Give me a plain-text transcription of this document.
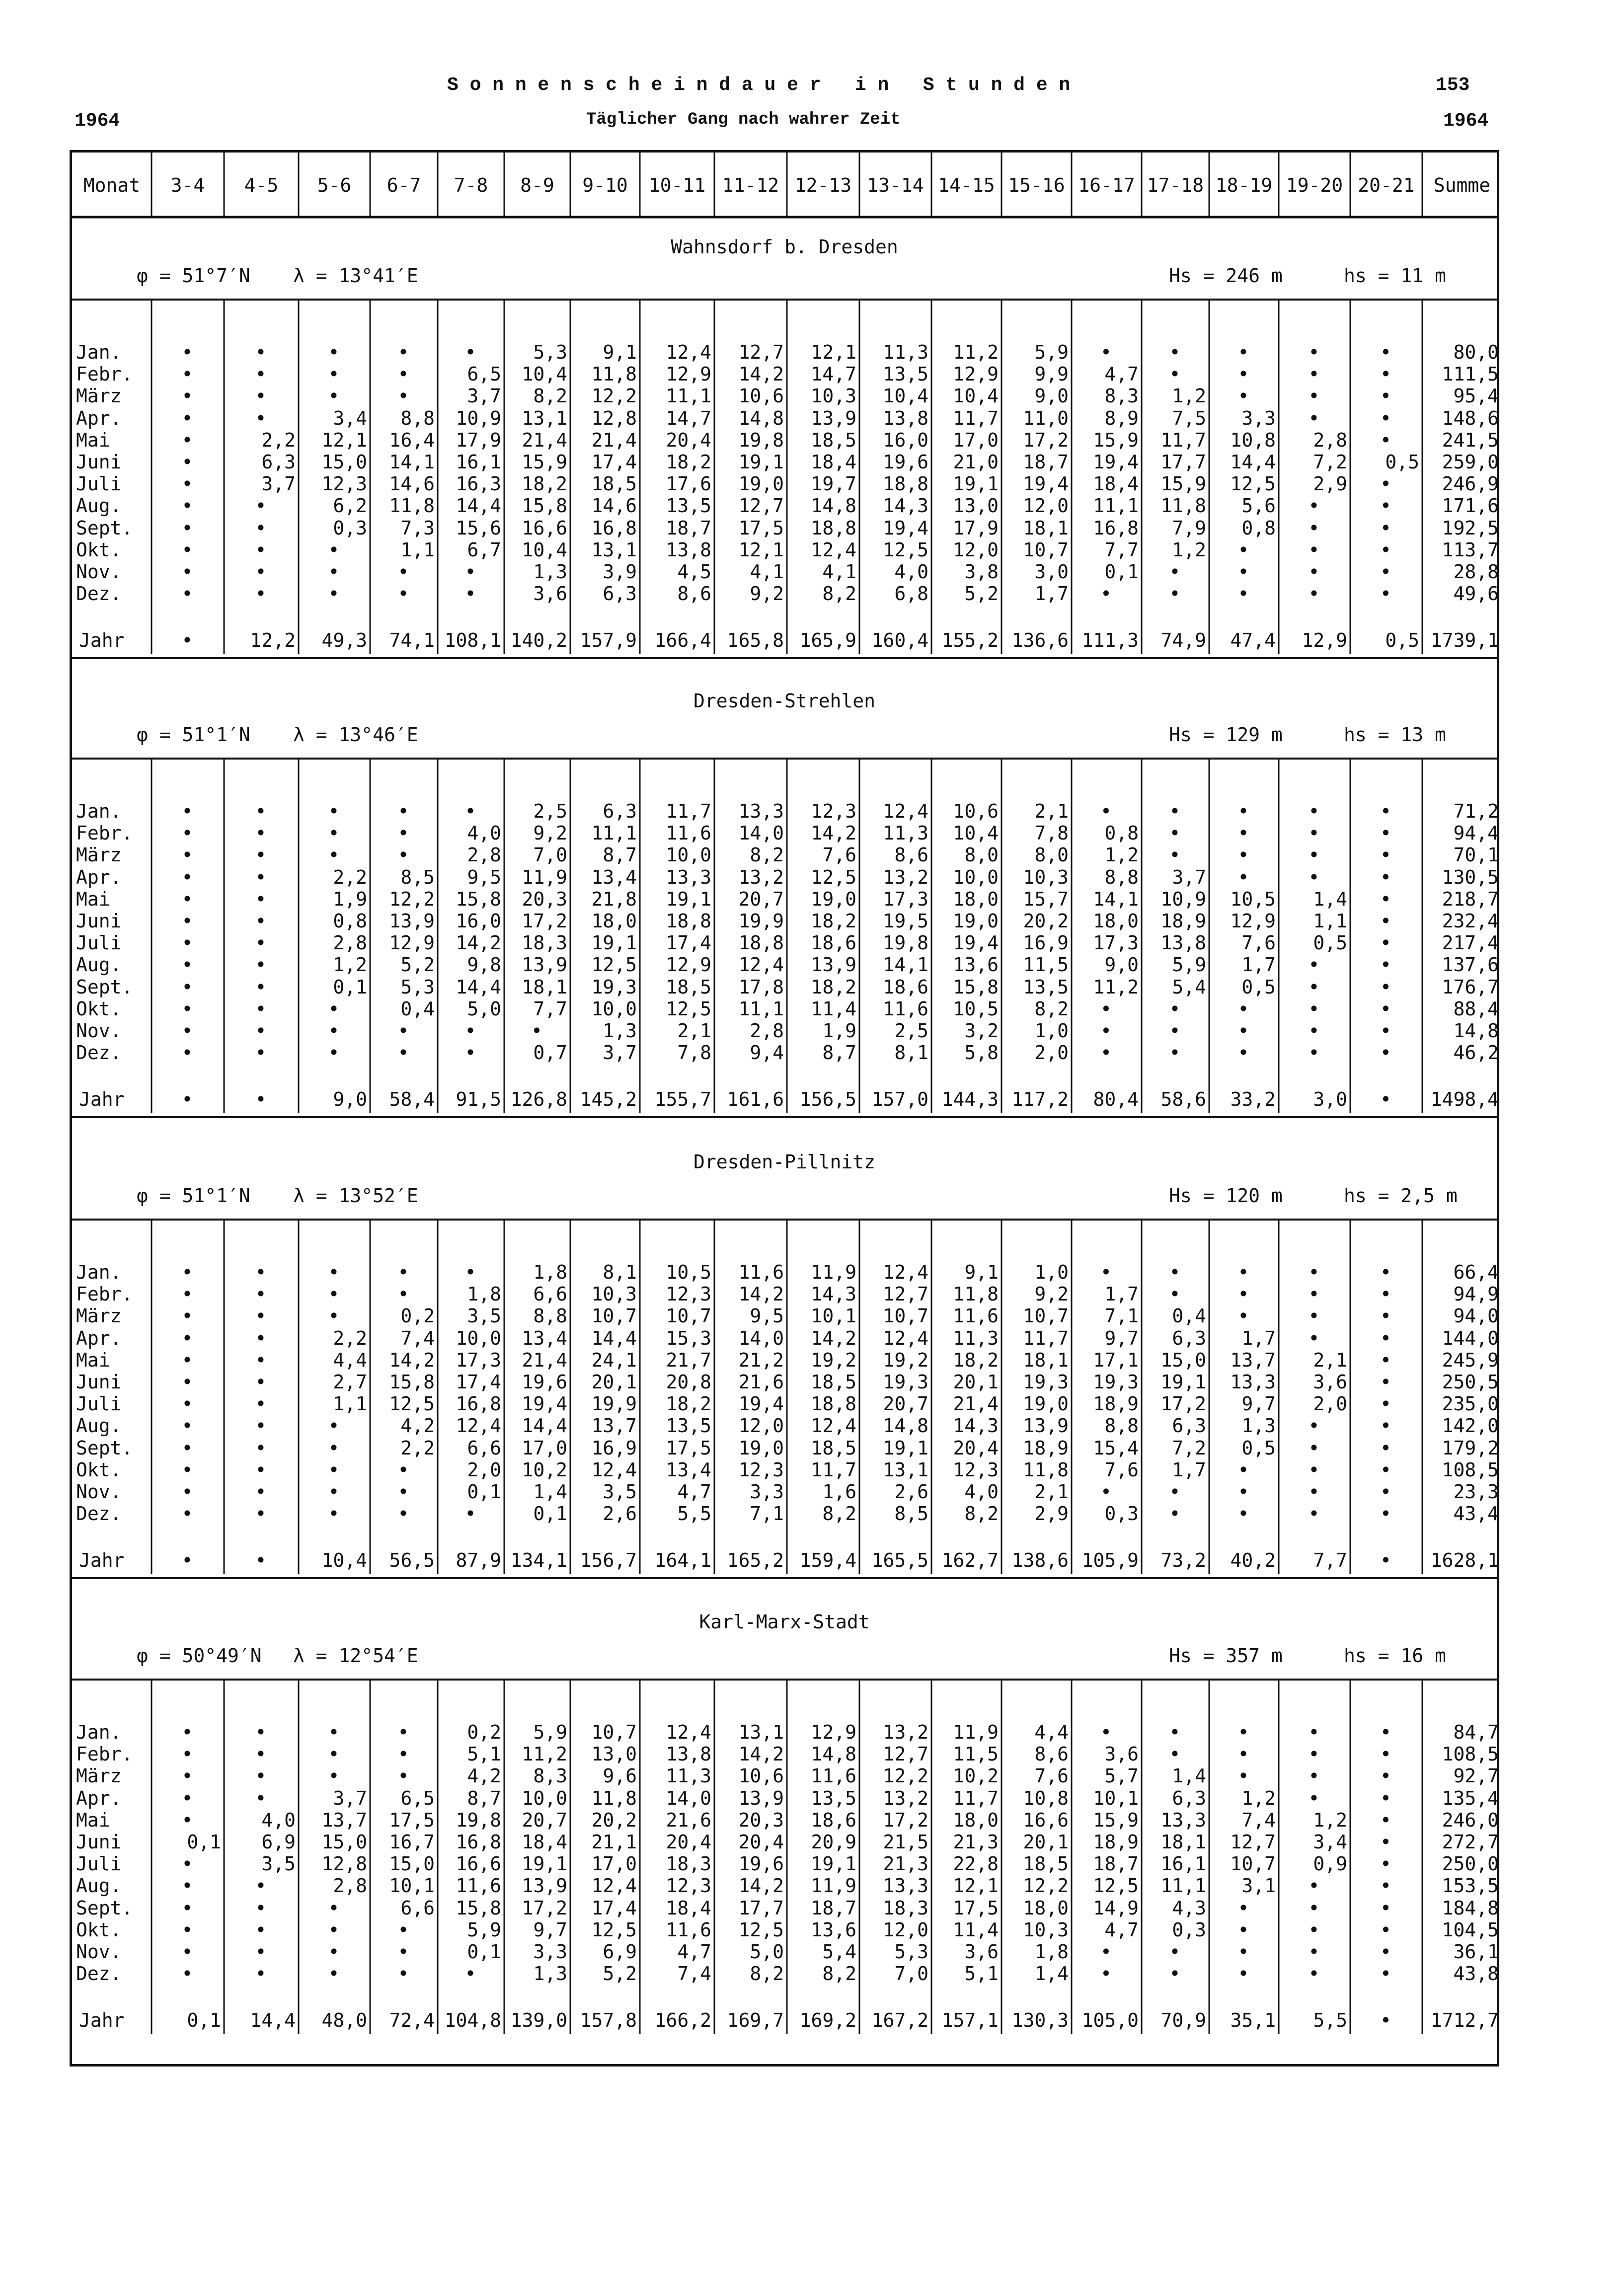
S o n n e n s c h e i n d a u e r   i n   S t u n d e n
Täglicher Gang nach wahrer Zeit
153
1964	1964
Monat	3-4	4-5	5-6	6-7	7-8	8-9	9-10	10-11 11-12 12-13 13-14 14-15 15-16 16-17 17-18 18-19 19-20 20-21	Summe
Wahnsdorf b. Dresden
φ = 51°7′N	λ = 13°41′E	Hs = 246 m	hs = 11 m
Jan.	•	•	•	•	•	5,3	9,1	12,4	12,7	12,1	11,3	11,2	5,9	•	•	•	•	•	80,0
Febr.	•	•	•	•	6,5	10,4	11,8	12,9	14,2	14,7	13,5	12,9	9,9	4,7	•	•	•	•	111,5
März	•	•	•	•	3,7	8,2	12,2	11,1	10,6	10,3	10,4	10,4	9,0	8,3	1,2	•	•	•	95,4
Apr.	•	•	3,4	8,8	10,9	13,1	12,8	14,7	14,8	13,9	13,8	11,7	11,0	8,9	7,5	3,3	•	•	148,6
Mai	•	2,2	12,1	16,4	17,9	21,4	21,4	20,4	19,8	18,5	16,0	17,0	17,2	15,9	11,7	10,8	2,8	•	241,5
Juni	•	6,3	15,0	14,1	16,1	15,9	17,4	18,2	19,1	18,4	19,6	21,0	18,7	19,4	17,7	14,4	7,2	0,5	259,0
Juli	•	3,7	12,3	14,6	16,3	18,2	18,5	17,6	19,0	19,7	18,8	19,1	19,4	18,4	15,9	12,5	2,9	•	246,9
Aug.	•	•	6,2	11,8	14,4	15,8	14,6	13,5	12,7	14,8	14,3	13,0	12,0	11,1	11,8	5,6	•	•	171,6
Sept.	•	•	0,3	7,3	15,6	16,6	16,8	18,7	17,5	18,8	19,4	17,9	18,1	16,8	7,9	0,8	•	•	192,5
Okt.	•	•	•	1,1	6,7	10,4	13,1	13,8	12,1	12,4	12,5	12,0	10,7	7,7	1,2	•	•	•	113,7
Nov.	•	•	•	•	•	1,3	3,9	4,5	4,1	4,1	4,0	3,8	3,0	0,1	•	•	•	•	28,8
Dez.	•	•	•	•	•	3,6	6,3	8,6	9,2	8,2	6,8	5,2	1,7	•	•	•	•	•	49,6
Jahr	•	12,2	49,3	74,1 108,1 140,2 157,9 166,4 165,8 165,9 160,4 155,2 136,6 111,3	74,9	47,4	12,9	0,5 1739,1
Dresden-Strehlen
φ = 51°1′N	λ = 13°46′E	Hs = 129 m	hs = 13 m
Jan.	•	•	•	•	•	2,5	6,3	11,7	13,3	12,3	12,4	10,6	2,1	•	•	•	•	•	71,2
Febr.	•	•	•	•	4,0	9,2	11,1	11,6	14,0	14,2	11,3	10,4	7,8	0,8	•	•	•	•	94,4
März	•	•	•	•	2,8	7,0	8,7	10,0	8,2	7,6	8,6	8,0	8,0	1,2	•	•	•	•	70,1
Apr.	•	•	2,2	8,5	9,5	11,9	13,4	13,3	13,2	12,5	13,2	10,0	10,3	8,8	3,7	•	•	•	130,5
Mai	•	•	1,9	12,2	15,8	20,3	21,8	19,1	20,7	19,0	17,3	18,0	15,7	14,1	10,9	10,5	1,4	•	218,7
Juni	•	•	0,8	13,9	16,0	17,2	18,0	18,8	19,9	18,2	19,5	19,0	20,2	18,0	18,9	12,9	1,1	•	232,4
Juli	•	•	2,8	12,9	14,2	18,3	19,1	17,4	18,8	18,6	19,8	19,4	16,9	17,3	13,8	7,6	0,5	•	217,4
Aug.	•	•	1,2	5,2	9,8	13,9	12,5	12,9	12,4	13,9	14,1	13,6	11,5	9,0	5,9	1,7	•	•	137,6
Sept.	•	•	0,1	5,3	14,4	18,1	19,3	18,5	17,8	18,2	18,6	15,8	13,5	11,2	5,4	0,5	•	•	176,7
Okt.	•	•	•	0,4	5,0	7,7	10,0	12,5	11,1	11,4	11,6	10,5	8,2	•	•	•	•	•	88,4
Nov.	•	•	•	•	•	•	1,3	2,1	2,8	1,9	2,5	3,2	1,0	•	•	•	•	•	14,8
Dez.	•	•	•	•	•	0,7	3,7	7,8	9,4	8,7	8,1	5,8	2,0	•	•	•	•	•	46,2
Jahr	•	•	9,0	58,4	91,5 126,8 145,2 155,7 161,6 156,5 157,0 144,3 117,2	80,4	58,6	33,2	3,0	•	1498,4
Dresden-Pillnitz
φ = 51°1′N	λ = 13°52′E	Hs = 120 m	hs = 2,5 m
Jan.	•	•	•	•	•	1,8	8,1	10,5	11,6	11,9	12,4	9,1	1,0	•	•	•	•	•	66,4
Febr.	•	•	•	•	1,8	6,6	10,3	12,3	14,2	14,3	12,7	11,8	9,2	1,7	•	•	•	•	94,9
März	•	•	•	0,2	3,5	8,8	10,7	10,7	9,5	10,1	10,7	11,6	10,7	7,1	0,4	•	•	•	94,0
Apr.	•	•	2,2	7,4	10,0	13,4	14,4	15,3	14,0	14,2	12,4	11,3	11,7	9,7	6,3	1,7	•	•	144,0
Mai	•	•	4,4	14,2	17,3	21,4	24,1	21,7	21,2	19,2	19,2	18,2	18,1	17,1	15,0	13,7	2,1	•	245,9
Juni	•	•	2,7	15,8	17,4	19,6	20,1	20,8	21,6	18,5	19,3	20,1	19,3	19,3	19,1	13,3	3,6	•	250,5
Juli	•	•	1,1	12,5	16,8	19,4	19,9	18,2	19,4	18,8	20,7	21,4	19,0	18,9	17,2	9,7	2,0	•	235,0
Aug.	•	•	•	4,2	12,4	14,4	13,7	13,5	12,0	12,4	14,8	14,3	13,9	8,8	6,3	1,3	•	•	142,0
Sept.	•	•	•	2,2	6,6	17,0	16,9	17,5	19,0	18,5	19,1	20,4	18,9	15,4	7,2	0,5	•	•	179,2
Okt.	•	•	•	•	2,0	10,2	12,4	13,4	12,3	11,7	13,1	12,3	11,8	7,6	1,7	•	•	•	108,5
Nov.	•	•	•	•	0,1	1,4	3,5	4,7	3,3	1,6	2,6	4,0	2,1	•	•	•	•	•	23,3
Dez.	•	•	•	•	•	0,1	2,6	5,5	7,1	8,2	8,5	8,2	2,9	0,3	•	•	•	•	43,4
Jahr	•	•	10,4	56,5	87,9 134,1 156,7 164,1 165,2 159,4 165,5 162,7 138,6 105,9	73,2	40,2	7,7	•	1628,1
Karl-Marx-Stadt
φ = 50°49′N λ = 12°54′E	Hs = 357 m	hs = 16 m
Jan.	•	•	•	•	0,2	5,9	10,7	12,4	13,1	12,9	13,2	11,9	4,4	•	•	•	•	•	84,7
Febr.	•	•	•	•	5,1	11,2	13,0	13,8	14,2	14,8	12,7	11,5	8,6	3,6	•	•	•	•	108,5
März	•	•	•	•	4,2	8,3	9,6	11,3	10,6	11,6	12,2	10,2	7,6	5,7	1,4	•	•	•	92,7
Apr.	•	•	3,7	6,5	8,7	10,0	11,8	14,0	13,9	13,5	13,2	11,7	10,8	10,1	6,3	1,2	•	•	135,4
Mai	•	4,0	13,7	17,5	19,8	20,7	20,2	21,6	20,3	18,6	17,2	18,0	16,6	15,9	13,3	7,4	1,2	•	246,0
Juni	0,1	6,9	15,0	16,7	16,8	18,4	21,1	20,4	20,4	20,9	21,5	21,3	20,1	18,9	18,1	12,7	3,4	•	272,7
Juli	•	3,5	12,8	15,0	16,6	19,1	17,0	18,3	19,6	19,1	21,3	22,8	18,5	18,7	16,1	10,7	0,9	•	250,0
Aug.	•	•	2,8	10,1	11,6	13,9	12,4	12,3	14,2	11,9	13,3	12,1	12,2	12,5	11,1	3,1	•	•	153,5
Sept.	•	•	•	6,6	15,8	17,2	17,4	18,4	17,7	18,7	18,3	17,5	18,0	14,9	4,3	•	•	•	184,8
Okt.	•	•	•	•	5,9	9,7	12,5	11,6	12,5	13,6	12,0	11,4	10,3	4,7	0,3	•	•	•	104,5
Nov.	•	•	•	•	0,1	3,3	6,9	4,7	5,0	5,4	5,3	3,6	1,8	•	•	•	•	•	36,1
Dez.	•	•	•	•	•	1,3	5,2	7,4	8,2	8,2	7,0	5,1	1,4	•	•	•	•	•	43,8
Jahr	0,1	14,4	48,0	72,4 104,8 139,0 157,8 166,2 169,7 169,2 167,2 157,1 130,3 105,0	70,9	35,1	5,5	•	1712,7
